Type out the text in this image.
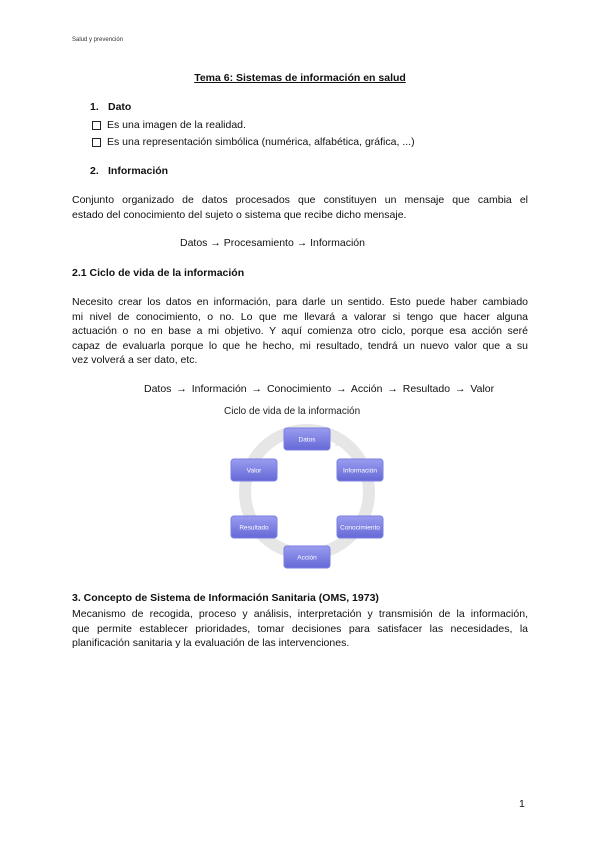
Salud y prevención
Tema 6: Sistemas de información en salud
1. Dato
Es una imagen de la realidad.
Es una representación simbólica (numérica, alfabética, gráfica, ...)
2. Información
Conjunto organizado de datos procesados que constituyen un mensaje que cambia el
estado del conocimiento del sujeto o sistema que recibe dicho mensaje.
Datos → Procesamiento → Información
2.1 Ciclo de vida de la información
Necesito crear los datos en información, para darle un sentido. Esto puede haber cambiado
mi nivel de conocimiento, o no. Lo que me llevará a valorar si tengo que hacer alguna
actuación o no en base a mi objetivo. Y aquí comienza otro ciclo, porque esa acción seré
capaz de evaluarla porque lo que he hecho, mi resultado, tendrá un nuevo valor que a su
vez volverá a ser dato, etc.
Datos → Información → Conocimiento → Acción → Resultado → Valor
Ciclo de vida de la información
Datos
Información
Conocimiento
Acción
Resultado
Valor
3. Concepto de Sistema de Información Sanitaria (OMS, 1973)
Mecanismo de recogida, proceso y análisis, interpretación y transmisión de la información,
que permite establecer prioridades, tomar decisiones para satisfacer las necesidades, la
planificación sanitaria y la evaluación de las intervenciones.
1
